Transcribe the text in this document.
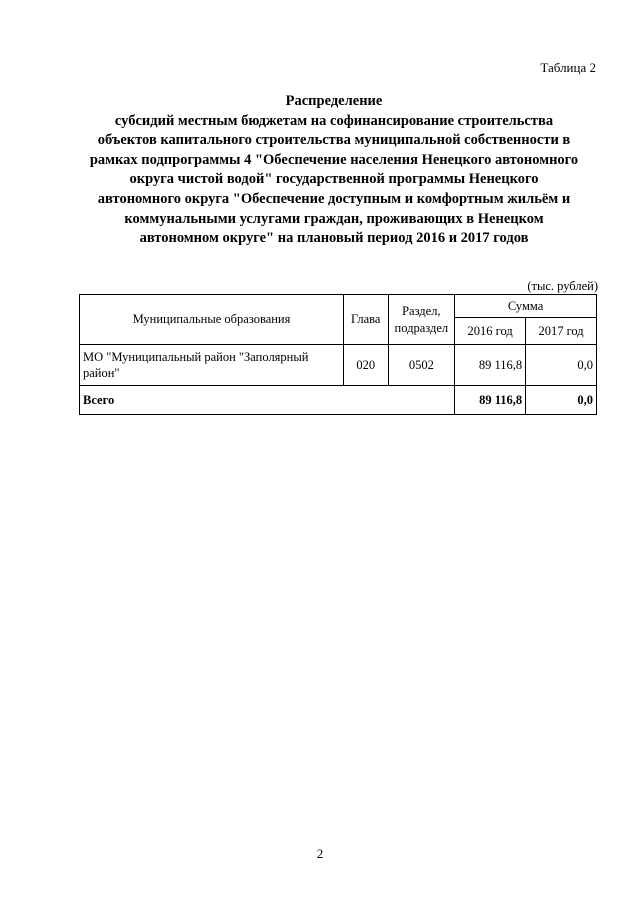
Таблица 2
Распределение
субсидий местным бюджетам на софинансирование строительства
объектов капитального строительства муниципальной собственности в
рамках подпрограммы 4 "Обеспечение населения Ненецкого автономного
округа чистой водой" государственной программы Ненецкого
автономного округа "Обеспечение доступным и комфортным жильём и
коммунальными услугами граждан, проживающих в Ненецком
автономном округе" на плановый период 2016 и 2017 годов
(тыс. рублей)
Муниципальные образования	Глава	Раздел, подраздел	Сумма	
			2016 год	2017 год
МО "Муниципальный район "Заполярный район"	020	0502	89 116,8	0,0
Всего			89 116,8	0,0
2
